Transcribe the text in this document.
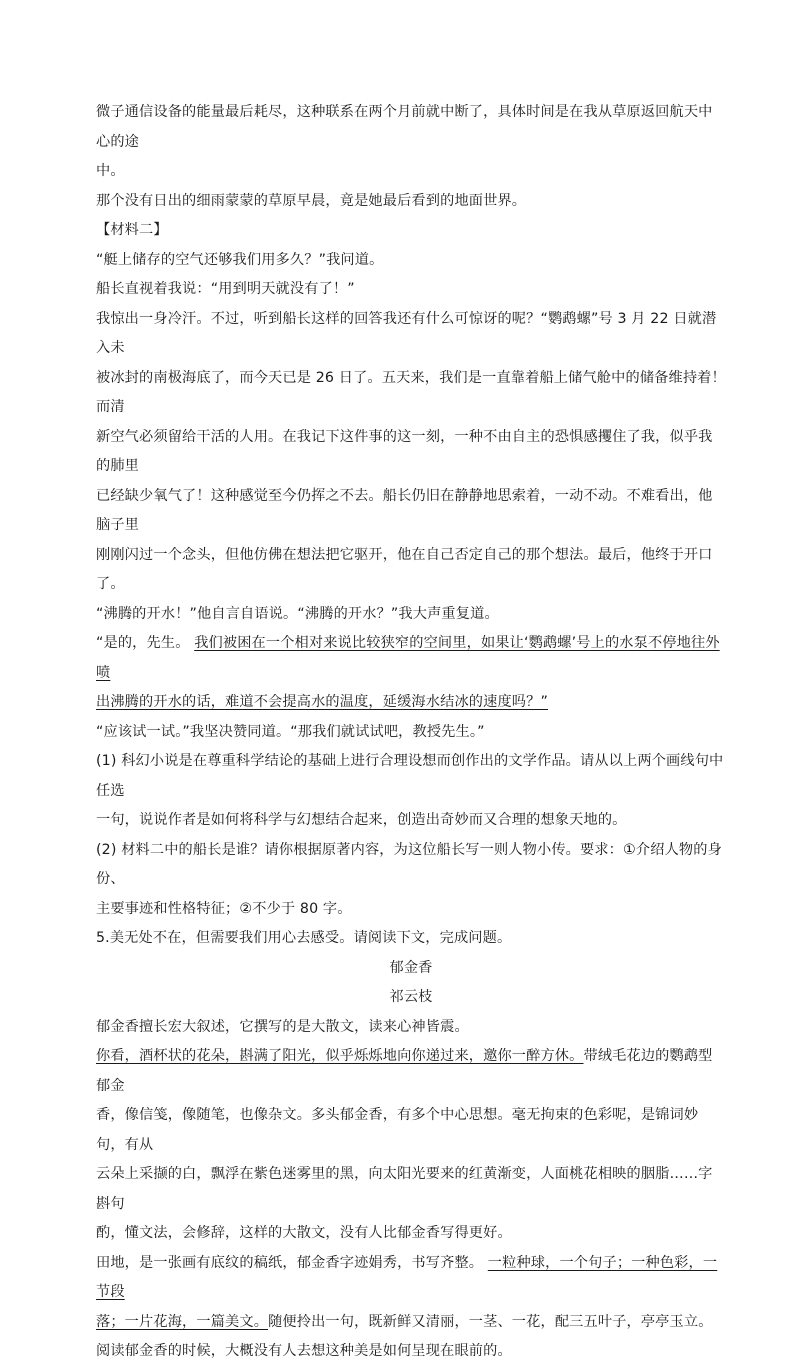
微子通信设备的能量最后耗尽，这种联系在两个月前就中断了，具体时间是在我从草原返回航天中心的途

中。

那个没有日出的细雨蒙蒙的草原早晨，竟是她最后看到的地面世界。

【材料二】

“艇上储存的空气还够我们用多久？”我问道。

船长直视着我说：“用到明天就没有了！”

我惊出一身冷汗。不过，听到船长这样的回答我还有什么可惊讶的呢？“鹦鹉螺”号 3 月 22 日就潜入未

被冰封的南极海底了，而今天已是 26 日了。五天来，我们是一直靠着船上储气舱中的储备维持着！而清

新空气必须留给干活的人用。在我记下这件事的这一刻，一种不由自主的恐惧感攫住了我，似乎我的肺里

已经缺少氧气了！这种感觉至今仍挥之不去。船长仍旧在静静地思索着，一动不动。不难看出，他脑子里

刚刚闪过一个念头，但他仿佛在想法把它驱开，他在自己否定自己的那个想法。最后，他终于开口了。

“沸腾的开水！”他自言自语说。“沸腾的开水？”我大声重复道。

“是的，先生。 我们被困在一个相对来说比较狭窄的空间里，如果让‘鹦鹉螺’号上的水泵不停地往外喷

出沸腾的开水的话，难道不会提高水的温度，延缓海水结冰的速度吗？”

“应该试一试。”我坚决赞同道。“那我们就试试吧，教授先生。”

(1) 科幻小说是在尊重科学结论的基础上进行合理设想而创作出的文学作品。请从以上两个画线句中任选

一句，说说作者是如何将科学与幻想结合起来，创造出奇妙而又合理的想象天地的。

(2) 材料二中的船长是谁？请你根据原著内容，为这位船长写一则人物小传。要求：①介绍人物的身份、

主要事迹和性格特征；②不少于 80 字。

5.美无处不在，但需要我们用心去感受。请阅读下文，完成问题。

郁金香

祁云枝

郁金香擅长宏大叙述，它撰写的是大散文，读来心神皆震。

你看，酒杯状的花朵，斟满了阳光，似乎烁烁地向你递过来，邀你一醉方休。带绒毛花边的鹦鹉型郁金

香，像信笺，像随笔，也像杂文。多头郁金香，有多个中心思想。毫无拘束的色彩呢，是锦词妙句，有从

云朵上采撷的白，飘浮在紫色迷雾里的黑，向太阳光要来的红黄渐变，人面桃花相映的胭脂……字斟句

酌，懂文法，会修辞，这样的大散文，没有人比郁金香写得更好。

田地，是一张画有底纹的稿纸，郁金香字迹娟秀，书写齐整。 一粒种球，一个句子；一种色彩，一节段

落；一片花海，一篇美文。随便拎出一句，既新鲜又清丽，一茎、一花，配三五叶子，亭亭玉立。

阅读郁金香的时候，大概没有人去想这种美是如何呈现在眼前的。
